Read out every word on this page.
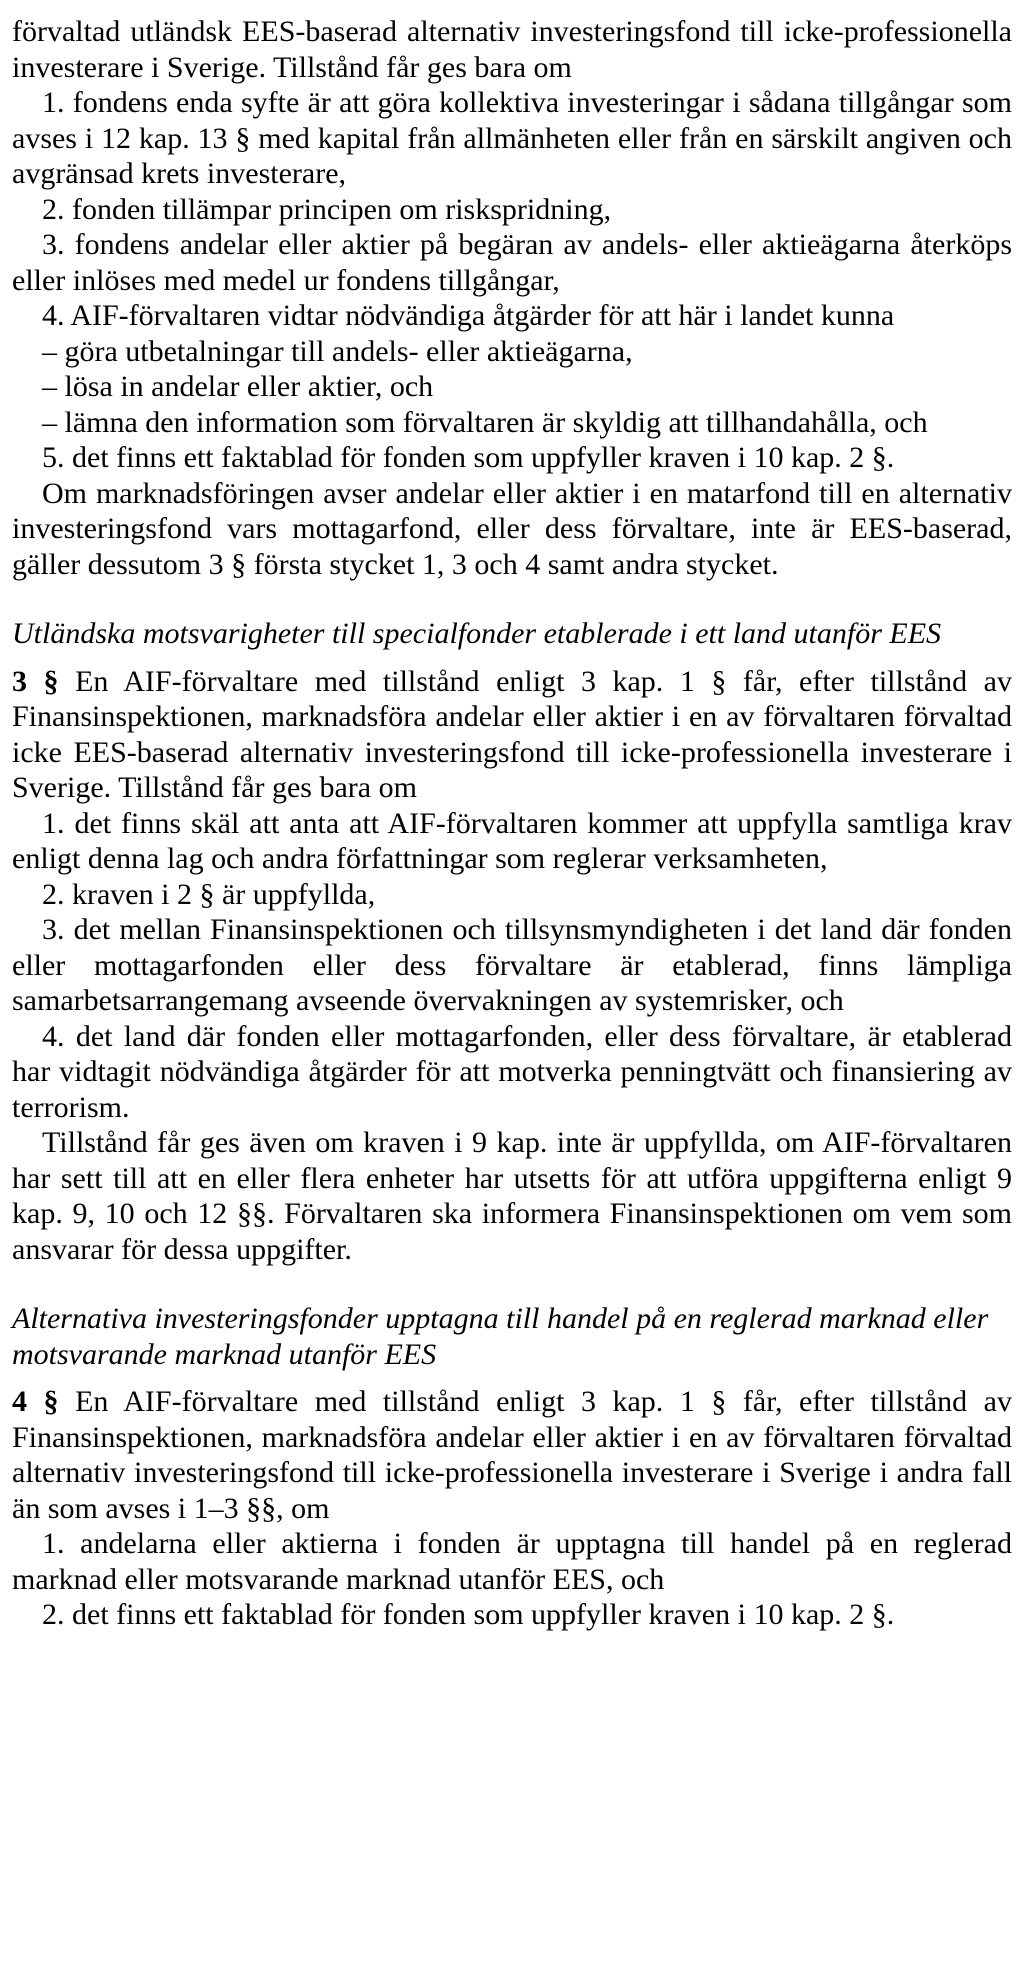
förvaltad utländsk EES-baserad alternativ investeringsfond till icke-professionella investerare i Sverige. Tillstånd får ges bara om

1. fondens enda syfte är att göra kollektiva investeringar i sådana tillgångar som avses i 12 kap. 13 § med kapital från allmänheten eller från en särskilt angiven och avgränsad krets investerare,

2. fonden tillämpar principen om riskspridning,

3. fondens andelar eller aktier på begäran av andels- eller aktieägarna återköps eller inlöses med medel ur fondens tillgångar,

4. AIF-förvaltaren vidtar nödvändiga åtgärder för att här i landet kunna

– göra utbetalningar till andels- eller aktieägarna,

– lösa in andelar eller aktier, och

– lämna den information som förvaltaren är skyldig att tillhandahålla, och

5. det finns ett faktablad för fonden som uppfyller kraven i 10 kap. 2 §.

Om marknadsföringen avser andelar eller aktier i en matarfond till en alternativ investeringsfond vars mottagarfond, eller dess förvaltare, inte är EES-baserad, gäller dessutom 3 § första stycket 1, 3 och 4 samt andra stycket.

Utländska motsvarigheter till specialfonder etablerade i ett land utanför EES

3 § En AIF-förvaltare med tillstånd enligt 3 kap. 1 § får, efter tillstånd av Finansinspektionen, marknadsföra andelar eller aktier i en av förvaltaren förvaltad icke EES-baserad alternativ investeringsfond till icke-professionella investerare i Sverige. Tillstånd får ges bara om

1. det finns skäl att anta att AIF-förvaltaren kommer att uppfylla samtliga krav enligt denna lag och andra författningar som reglerar verksamheten,

2. kraven i 2 § är uppfyllda,

3. det mellan Finansinspektionen och tillsynsmyndigheten i det land där fonden eller mottagarfonden eller dess förvaltare är etablerad, finns lämpliga samarbetsarrangemang avseende övervakningen av systemrisker, och

4. det land där fonden eller mottagarfonden, eller dess förvaltare, är etablerad har vidtagit nödvändiga åtgärder för att motverka penningtvätt och finansiering av terrorism.

Tillstånd får ges även om kraven i 9 kap. inte är uppfyllda, om AIF-förvaltaren har sett till att en eller flera enheter har utsetts för att utföra uppgifterna enligt 9 kap. 9, 10 och 12 §§. Förvaltaren ska informera Finansinspektionen om vem som ansvarar för dessa uppgifter.

Alternativa investeringsfonder upptagna till handel på en reglerad marknad eller motsvarande marknad utanför EES

4 § En AIF-förvaltare med tillstånd enligt 3 kap. 1 § får, efter tillstånd av Finansinspektionen, marknadsföra andelar eller aktier i en av förvaltaren förvaltad alternativ investeringsfond till icke-professionella investerare i Sverige i andra fall än som avses i 1–3 §§, om

1. andelarna eller aktierna i fonden är upptagna till handel på en reglerad marknad eller motsvarande marknad utanför EES, och

2. det finns ett faktablad för fonden som uppfyller kraven i 10 kap. 2 §.
